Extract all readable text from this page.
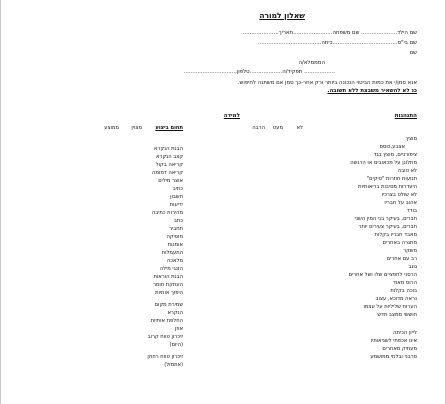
שאלון למורה
שם הילד..................... שם משפחה.......................תאריך.....................
שם בי"ס......................................כיתה.....................................
שם
המממלא/ה
.................. תפקיד/ה...................טלפון...............................
אנא סמן/י את כמות הביטוי הנכונה ביותר ורק אחר-כך סמן אם משתנה לחיפוש.
כנ לא להשאיר משבצת ללא תשובה.
התנהגות
למידה
לא
מעט
הרבה
מצוין
ממוצע	תחום ביצוע
מוצץ
אצבע,כוסס
ציפורניים, מוצץ בגד
מתלונן על מכאובים או הרגשה
לא טובה
תנועות חוזרות "טיקים"
היעדרות מסיבות בריאותיות
לא שולט בצרכיו
אהוב על חבריו
בודד
חברים, בעיקר בני המין השני
חברים, בעיקר צעירים יותר
מאבד חבריו בקלות
מתגרה באחרים
משקר
רב עם אחרים
גונב
הרסני לחפציים שלו ושל אחרים
הרוס מאוד
בוכה בקלות
נראה מדוכא, עצוב
הערות שליליות על עצמו
חוששי ממצב חדש
לייון הכיתה
אינו אכפתי לשגיאותיו
מעתיק מאחרים
סרבני ובלתי ממושמע
הבנת הנקרא
קצב הנקרא
קריאה בקול
קריאה דמומה
אוצר מילים
כתיב
חשבון
ידיעות
מהירות כתיבה
כתב
תחביר
מוסיקה
אומנות
התעמלות
מלאכה
הזנגי מילה
הבנת הוראות
העתקת חומר
היפוך אותיות
שמירת מקום
הנקרא
החלפת אותיות
אוזן
זיכרון טווח קרוב
(היום)
זיכרון טווח רחוק
(אתמול)
